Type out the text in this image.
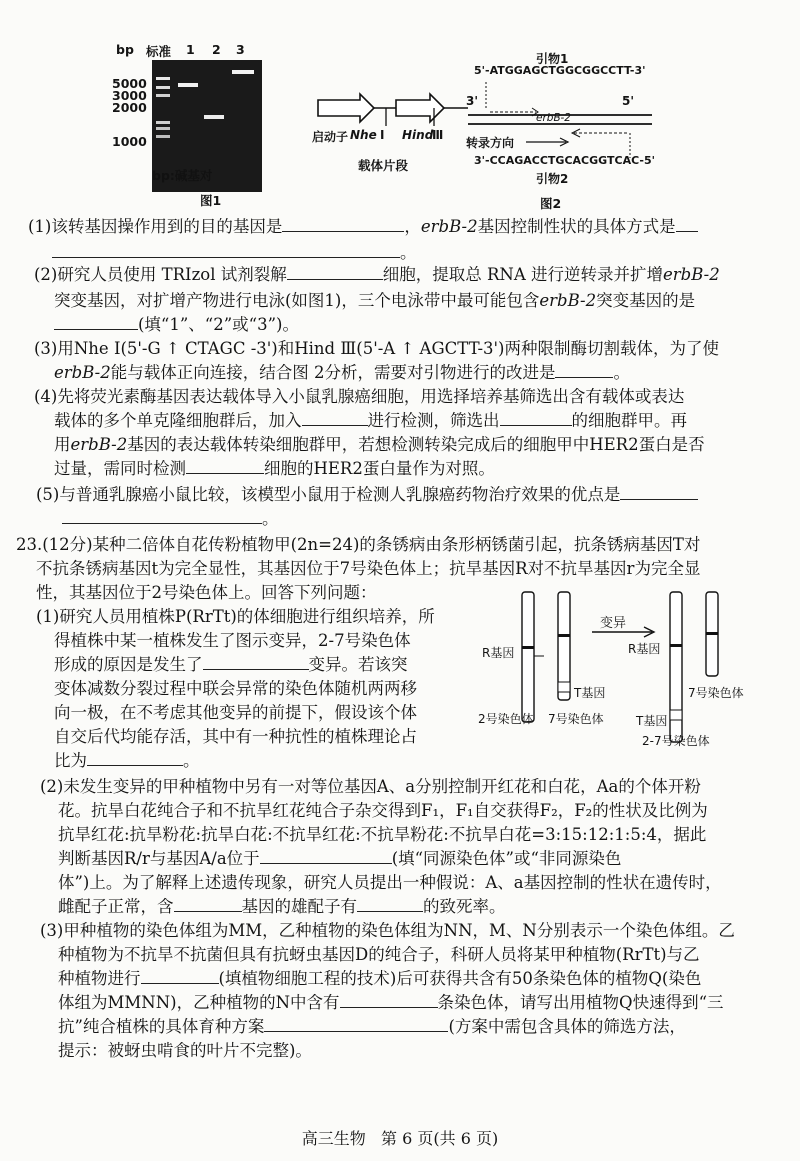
bp 标准 1 2 3
5000
3000
2000
1000
bp:碱基对
图1
启动子 Nhe Ⅰ Hind
Ⅲ
载体片段
引物1
5'-ATGGAGCTGGCGGCCTT-3'
3'	5'
erbB-2
转录方向
3'-CCAGACCTGCACGGTCAC-5'
引物2
图2
(1)该转基因操作用到的目的基因是	，erbB-2基因控制性状的具体方式是
。
(2)研究人员使用 TRIzol 试剂裂解	细胞，提取总 RNA 进行逆转录并扩增erbB-2
突变基因，对扩增产物进行电泳(如图1)，三个电泳带中最可能包含erbB-2突变基因的是
(填“1”、“2”或“3”)。
(3)用Nhe Ⅰ(5'-G ↑ CTAGC -3')和Hind Ⅲ(5'-A ↑ AGCTT-3')两种限制酶切割载体，为了使
erbB-2能与载体正向连接，结合图 2分析，需要对引物进行的改进是	。
(4)先将荧光素酶基因表达载体导入小鼠乳腺癌细胞，用选择培养基筛选出含有载体或表达
载体的多个单克隆细胞群后，加入	进行检测，筛选出	的细胞群甲。再
用erbB-2基因的表达载体转染细胞群甲，若想检测转染完成后的细胞甲中HER2蛋白是否
过量，需同时检测	细胞的HER2蛋白量作为对照。
(5)与普通乳腺癌小鼠比较，该模型小鼠用于检测人乳腺癌药物治疗效果的优点是
。
23.(12分)某种二倍体自花传粉植物甲(2n=24)的条锈病由条形柄锈菌引起，抗条锈病基因T对
不抗条锈病基因t为完全显性，其基因位于7号染色体上；抗旱基因R对不抗旱基因r为完全显
性，其基因位于2号染色体上。回答下列问题：
(1)研究人员用植株P(RrTt)的体细胞进行组织培养，所
得植株中某一植株发生了图示变异，2-7号染色体
形成的原因是发生了	变异。若该突
变体减数分裂过程中联会异常的染色体随机两两移
向一极，在不考虑其他变异的前提下，假设该个体
自交后代均能存活，其中有一种抗性的植株理论占
比为	。
变异
R基因
T基因
2号染色体 7号染色体
R基因
T基因
7号染色体
2-7号染色体
(2)未发生变异的甲种植物中另有一对等位基因A、a分别控制开红花和白花，Aa的个体开粉
花。抗旱白花纯合子和不抗旱红花纯合子杂交得到F₁，F₁自交获得F₂，F₂的性状及比例为
抗旱红花:抗旱粉花:抗旱白花:不抗旱红花:不抗旱粉花:不抗旱白花=3:15:12:1:5:4，据此
判断基因R/r与基因A/a位于	(填“同源染色体”或“非同源染色
体”)上。为了解释上述遗传现象，研究人员提出一种假说：A、a基因控制的性状在遗传时，
雌配子正常，含	基因的雄配子有	的致死率。
(3)甲种植物的染色体组为MM，乙种植物的染色体组为NN，M、N分别表示一个染色体组。乙
种植物为不抗旱不抗菌但具有抗蚜虫基因D的纯合子，科研人员将某甲种植物(RrTt)与乙
种植物进行	(填植物细胞工程的技术)后可获得共含有50条染色体的植物Q(染色
体组为MMNN)，乙种植物的N中含有	条染色体，请写出用植物Q快速得到“三
抗”纯合植株的具体育种方案	(方案中需包含具体的筛选方法，
提示：被蚜虫啃食的叶片不完整)。
高三生物   第 6 页(共 6 页)
